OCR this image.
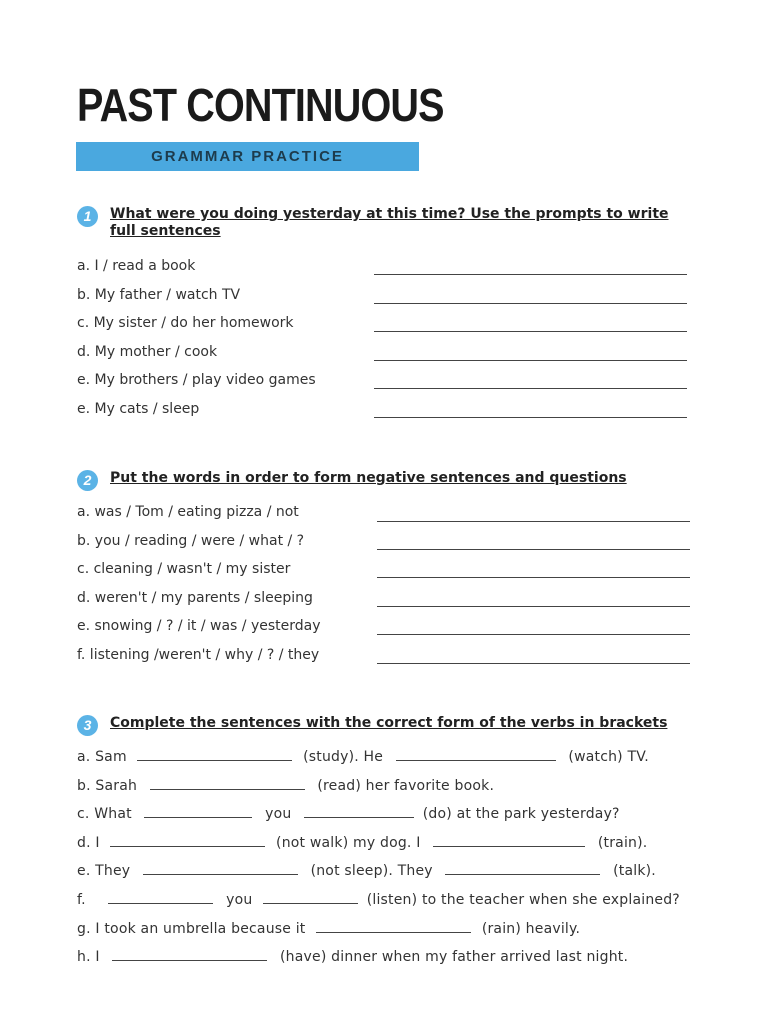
PAST CONTINUOUS
GRAMMAR PRACTICE
1	What were you doing yesterday at this time? Use the prompts to write
full sentences
a. I / read a book
b. My father / watch TV
c. My sister / do her homework
d. My mother / cook
e. My brothers / play video games
e. My cats / sleep
2	Put the words in order to form negative sentences and questions
a. was / Tom / eating pizza / not
b. you / reading / were / what / ?
c. cleaning / wasn't / my sister
d. weren't / my parents / sleeping
e. snowing / ? / it / was / yesterday
f. listening /weren't / why / ? / they
3	Complete the sentences with the correct form of the verbs in brackets
a. Sam	(study). He	(watch) TV.
b. Sarah	(read) her favorite book.
c. What	you	(do) at the park yesterday?
d. I	(not walk) my dog. I	(train).
e. They	(not sleep). They	(talk).
f.	you	(listen) to the teacher when she explained?
g. I took an umbrella because it	(rain) heavily.
h. I	(have) dinner when my father arrived last night.
